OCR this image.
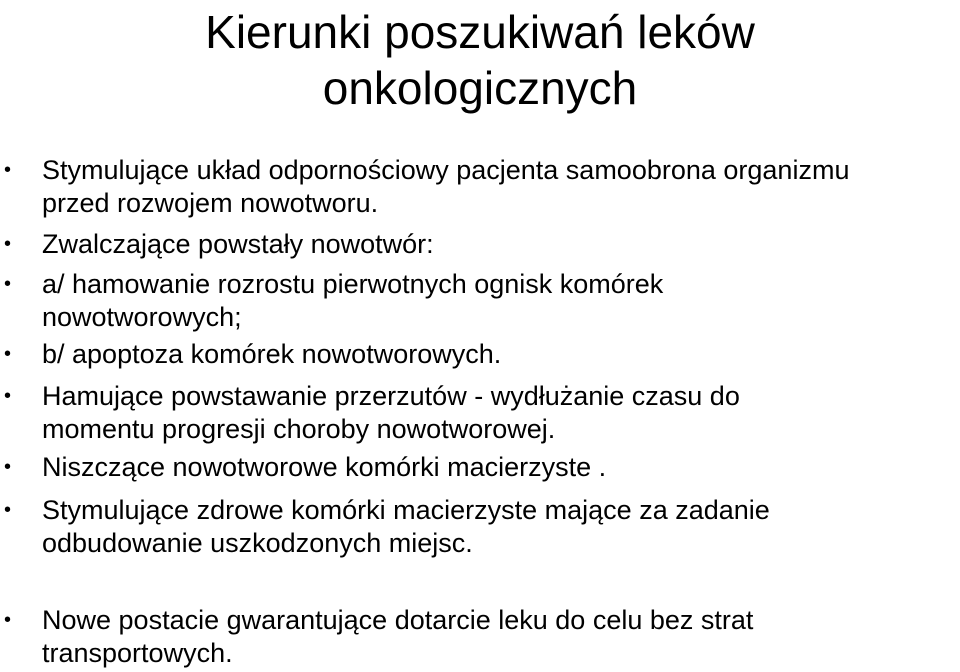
Kierunki poszukiwań leków
onkologicznych
• Stymulujące układ odpornościowy pacjenta samoobrona organizmu
przed rozwojem nowotworu.
• Zwalczające powstały nowotwór:
• a/ hamowanie rozrostu pierwotnych ognisk komórek
nowotworowych;
• b/ apoptoza komórek nowotworowych.
• Hamujące powstawanie przerzutów - wydłużanie czasu do
momentu progresji choroby nowotworowej.
• Niszczące nowotworowe komórki macierzyste .
• Stymulujące zdrowe komórki macierzyste mające za zadanie
odbudowanie uszkodzonych miejsc.
• Nowe postacie gwarantujące dotarcie leku do celu bez strat
transportowych.
